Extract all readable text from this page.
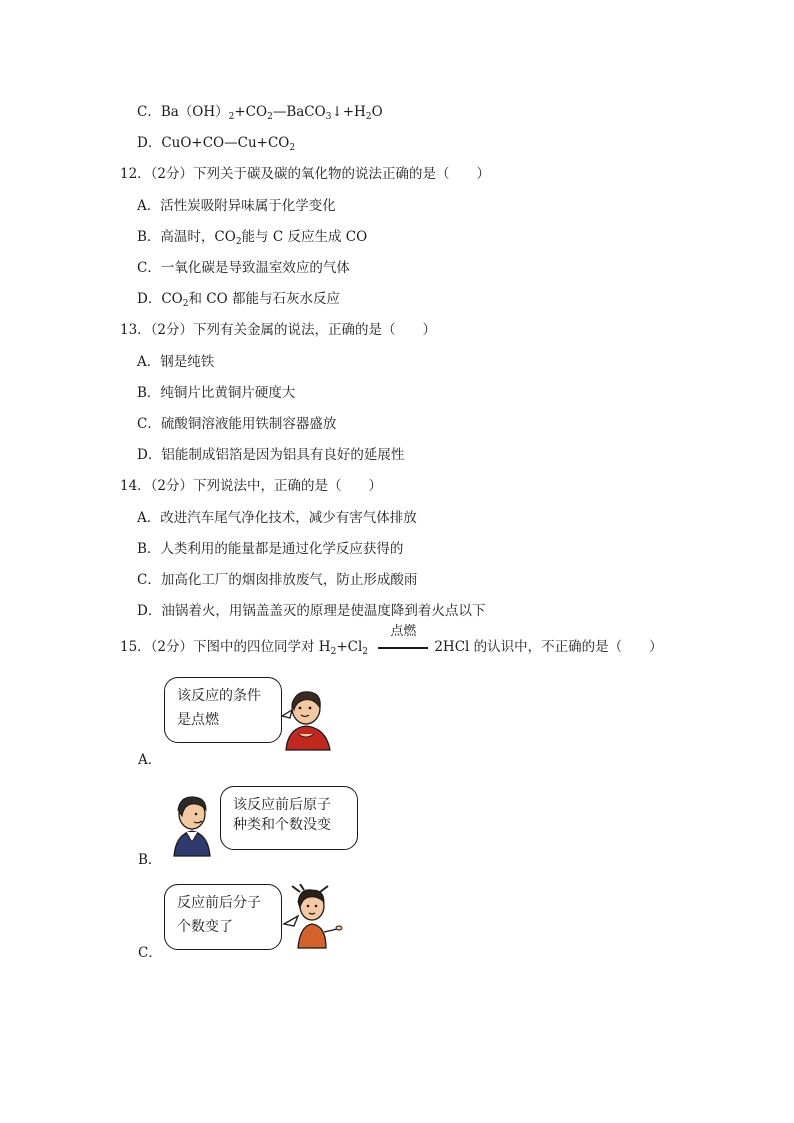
C．$Ba(OH)_2+CO_2—BaCO_3↓+H_2O$
D．$CuO+CO—Cu+CO_2$
12．（2分）下列关于碳及碳的氧化物的说法正确的是（　　）
A．活性炭吸附异味属于化学变化
B．高温时，$CO_2$能与 C 反应生成 CO
C．一氧化碳是导致温室效应的气体
D．$CO_2$和 CO 都能与石灰水反应
13．（2分）下列有关金属的说法，正确的是（　　）
A．钢是纯铁
B．纯铜片比黄铜片硬度大
C．硫酸铜溶液能用铁制容器盛放
D．铝能制成铝箔是因为铝具有良好的延展性
14．（2分）下列说法中，正确的是（　　）
A．改进汽车尾气净化技术，减少有害气体排放
B．人类利用的能量都是通过化学反应获得的
C．加高化工厂的烟囱排放废气，防止形成酸雨
D．油锅着火，用锅盖盖灭的原理是使温度降到着火点以下
15．（2分）下图中的四位同学对 $H_2+Cl_2$
点燃
2HCl 的认识中，不正确的是（　　）
该反应的条件
是点燃
A．
该反应前后原子
种类和个数没变
B．
反应前后分子
个数变了
C．
